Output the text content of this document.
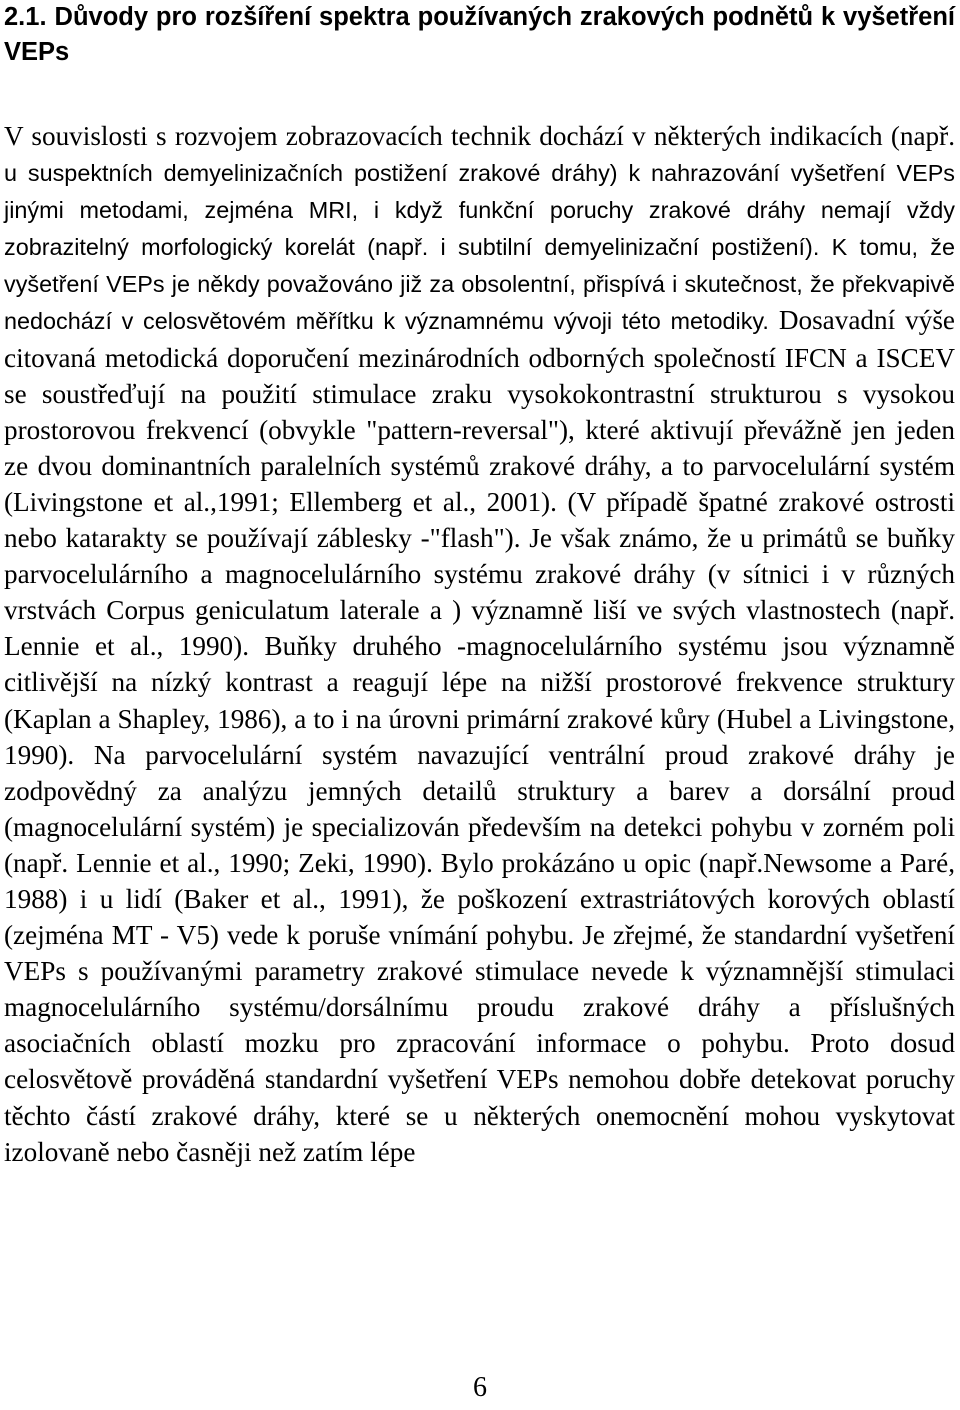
2.1. Důvody pro rozšíření spektra používaných zrakových podnětů k vyšetření VEPs

V souvislosti s rozvojem zobrazovacích technik dochází v některých indikacích (např. u suspektních demyelinizačních postižení zrakové dráhy) k nahrazování vyšetření VEPs jinými metodami, zejména MRI, i když funkční poruchy zrakové dráhy nemají vždy zobrazitelný morfologický korelát (např. i subtilní demyelinizační postižení). K tomu, že vyšetření VEPs je někdy považováno již za obsolentní, přispívá i skutečnost, že překvapivě nedochází v celosvětovém měřítku k významnému vývoji této metodiky. Dosavadní výše citovaná metodická doporučení mezinárodních odborných společností IFCN a ISCEV se soustřeďují na použití stimulace zraku vysokokontrastní strukturou s vysokou prostorovou frekvencí (obvykle "pattern-reversal"), které aktivují převážně jen jeden ze dvou dominantních paralelních systémů zrakové dráhy, a to parvocelulární systém (Livingstone et al.,1991; Ellemberg et al., 2001). (V případě špatné zrakové ostrosti nebo katarakty se používají záblesky -"flash"). Je však známo, že u primátů se buňky parvocelulárního a magnocelulárního systému zrakové dráhy (v sítnici i v různých vrstvách Corpus geniculatum laterale a ) významně liší ve svých vlastnostech (např. Lennie et al., 1990). Buňky druhého -magnocelulárního systému jsou významně citlivější na nízký kontrast a reagují lépe na nižší prostorové frekvence struktury (Kaplan a Shapley, 1986), a to i na úrovni primární zrakové kůry (Hubel a Livingstone, 1990). Na parvocelulární systém navazující ventrální proud zrakové dráhy je zodpovědný za analýzu jemných detailů struktury a barev a dorsální proud (magnocelulární systém) je specializován především na detekci pohybu v zorném poli (např. Lennie et al., 1990; Zeki, 1990). Bylo prokázáno u opic (např.Newsome a Paré, 1988) i u lidí (Baker et al., 1991), že poškození extrastriátových korových oblastí (zejména MT - V5) vede k poruše vnímání pohybu. Je zřejmé, že standardní vyšetření VEPs s používanými parametry zrakové stimulace nevede k významnější stimulaci magnocelulárního systému/dorsálnímu proudu zrakové dráhy a příslušných asociačních oblastí mozku pro zpracování informace o pohybu. Proto dosud celosvětově prováděná standardní vyšetření VEPs nemohou dobře detekovat poruchy těchto částí zrakové dráhy, které se u některých onemocnění mohou vyskytovat izolovaně nebo časněji než zatím lépe

6
